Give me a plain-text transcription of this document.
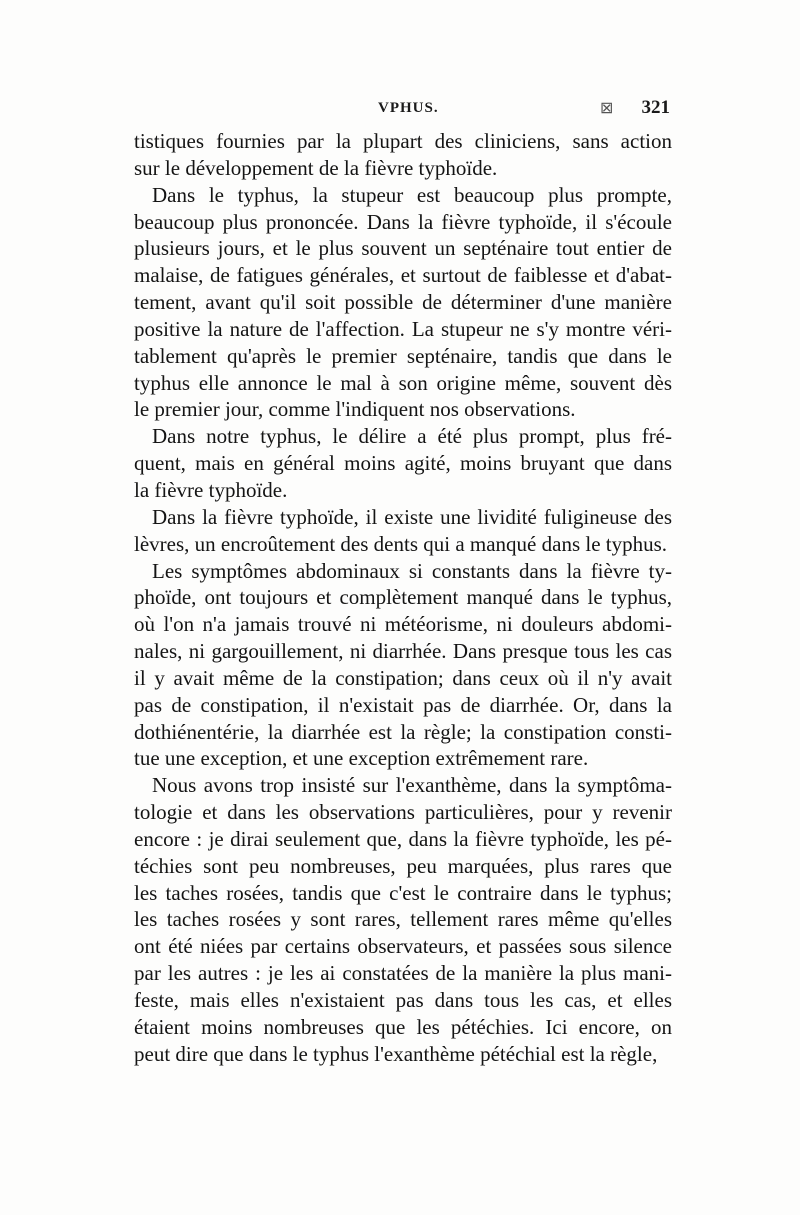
VPHUS.	⊠ 321
tistiques fournies par la plupart des cliniciens, sans action
sur le développement de la fièvre typhoïde.
Dans le typhus, la stupeur est beaucoup plus prompte,
beaucoup plus prononcée. Dans la fièvre typhoïde, il s'écoule
plusieurs jours, et le plus souvent un septénaire tout entier de
malaise, de fatigues générales, et surtout de faiblesse et d'abat-
tement, avant qu'il soit possible de déterminer d'une manière
positive la nature de l'affection. La stupeur ne s'y montre véri-
tablement qu'après le premier septénaire, tandis que dans le
typhus elle annonce le mal à son origine même, souvent dès
le premier jour, comme l'indiquent nos observations.
Dans notre typhus, le délire a été plus prompt, plus fré-
quent, mais en général moins agité, moins bruyant que dans
la fièvre typhoïde.
Dans la fièvre typhoïde, il existe une lividité fuligineuse des
lèvres, un encroûtement des dents qui a manqué dans le typhus.
Les symptômes abdominaux si constants dans la fièvre ty-
phoïde, ont toujours et complètement manqué dans le typhus,
où l'on n'a jamais trouvé ni météorisme, ni douleurs abdomi-
nales, ni gargouillement, ni diarrhée. Dans presque tous les cas
il y avait même de la constipation; dans ceux où il n'y avait
pas de constipation, il n'existait pas de diarrhée. Or, dans la
dothiénentérie, la diarrhée est la règle; la constipation consti-
tue une exception, et une exception extrêmement rare.
Nous avons trop insisté sur l'exanthème, dans la symptôma-
tologie et dans les observations particulières, pour y revenir
encore : je dirai seulement que, dans la fièvre typhoïde, les pé-
téchies sont peu nombreuses, peu marquées, plus rares que
les taches rosées, tandis que c'est le contraire dans le typhus;
les taches rosées y sont rares, tellement rares même qu'elles
ont été niées par certains observateurs, et passées sous silence
par les autres : je les ai constatées de la manière la plus mani-
feste, mais elles n'existaient pas dans tous les cas, et elles
étaient moins nombreuses que les pétéchies. Ici encore, on
peut dire que dans le typhus l'exanthème pétéchial est la règle,
